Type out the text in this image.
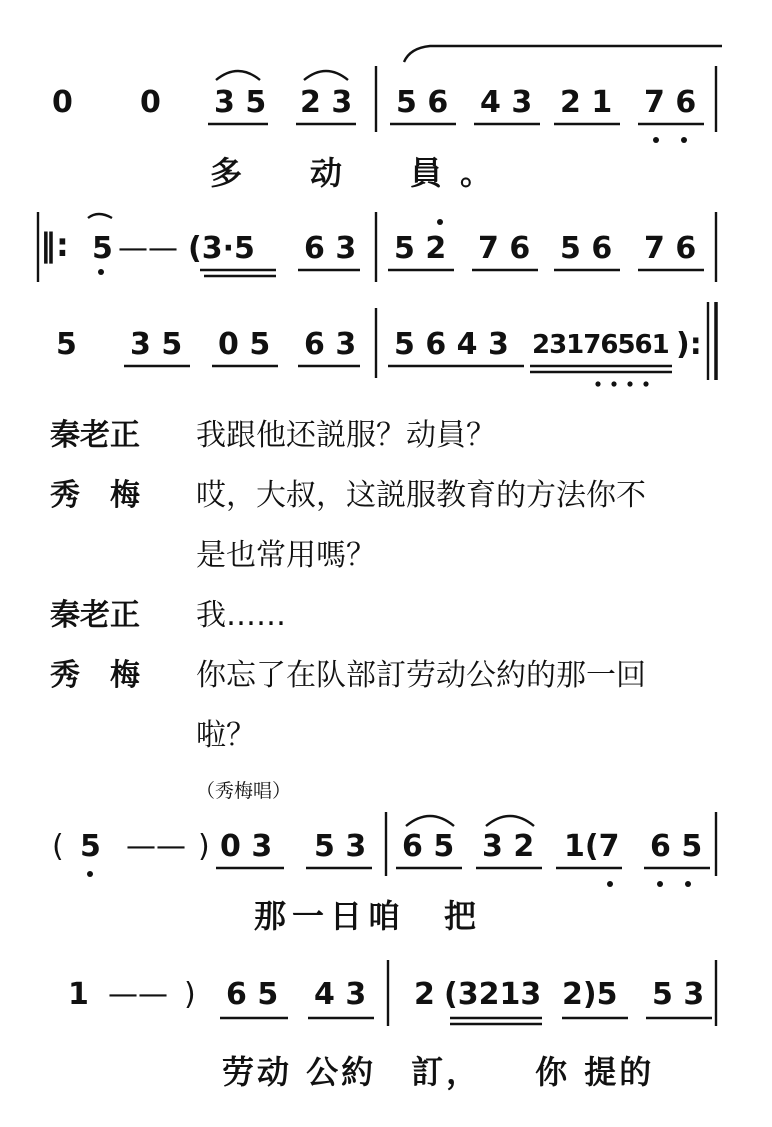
0 0 3 5 2 3 5 6 4 3 2 1 7 6
多　动　員。
‖: 5 —— (3·5 6 3 5 2 7 6 5 6 7 6
5 3 5 0 5 6 3 5 6 4 3 23176561 ):
秦老正 我跟他还説服？动員？
秀　梅 哎，大叔，这説服教育的方法你不
是也常用嗎？
秦老正 我……
秀　梅 你忘了在队部訂劳动公約的那一回
啦？
（秀梅唱）
( 5 —— ) 0 3 5 3 6 5 3 2 1(7 6 5
那一日咱　把
1 —— ) 6 5 4 3 2 (3213 2)5 5 3
劳动 公約　訂，　　你 提的
